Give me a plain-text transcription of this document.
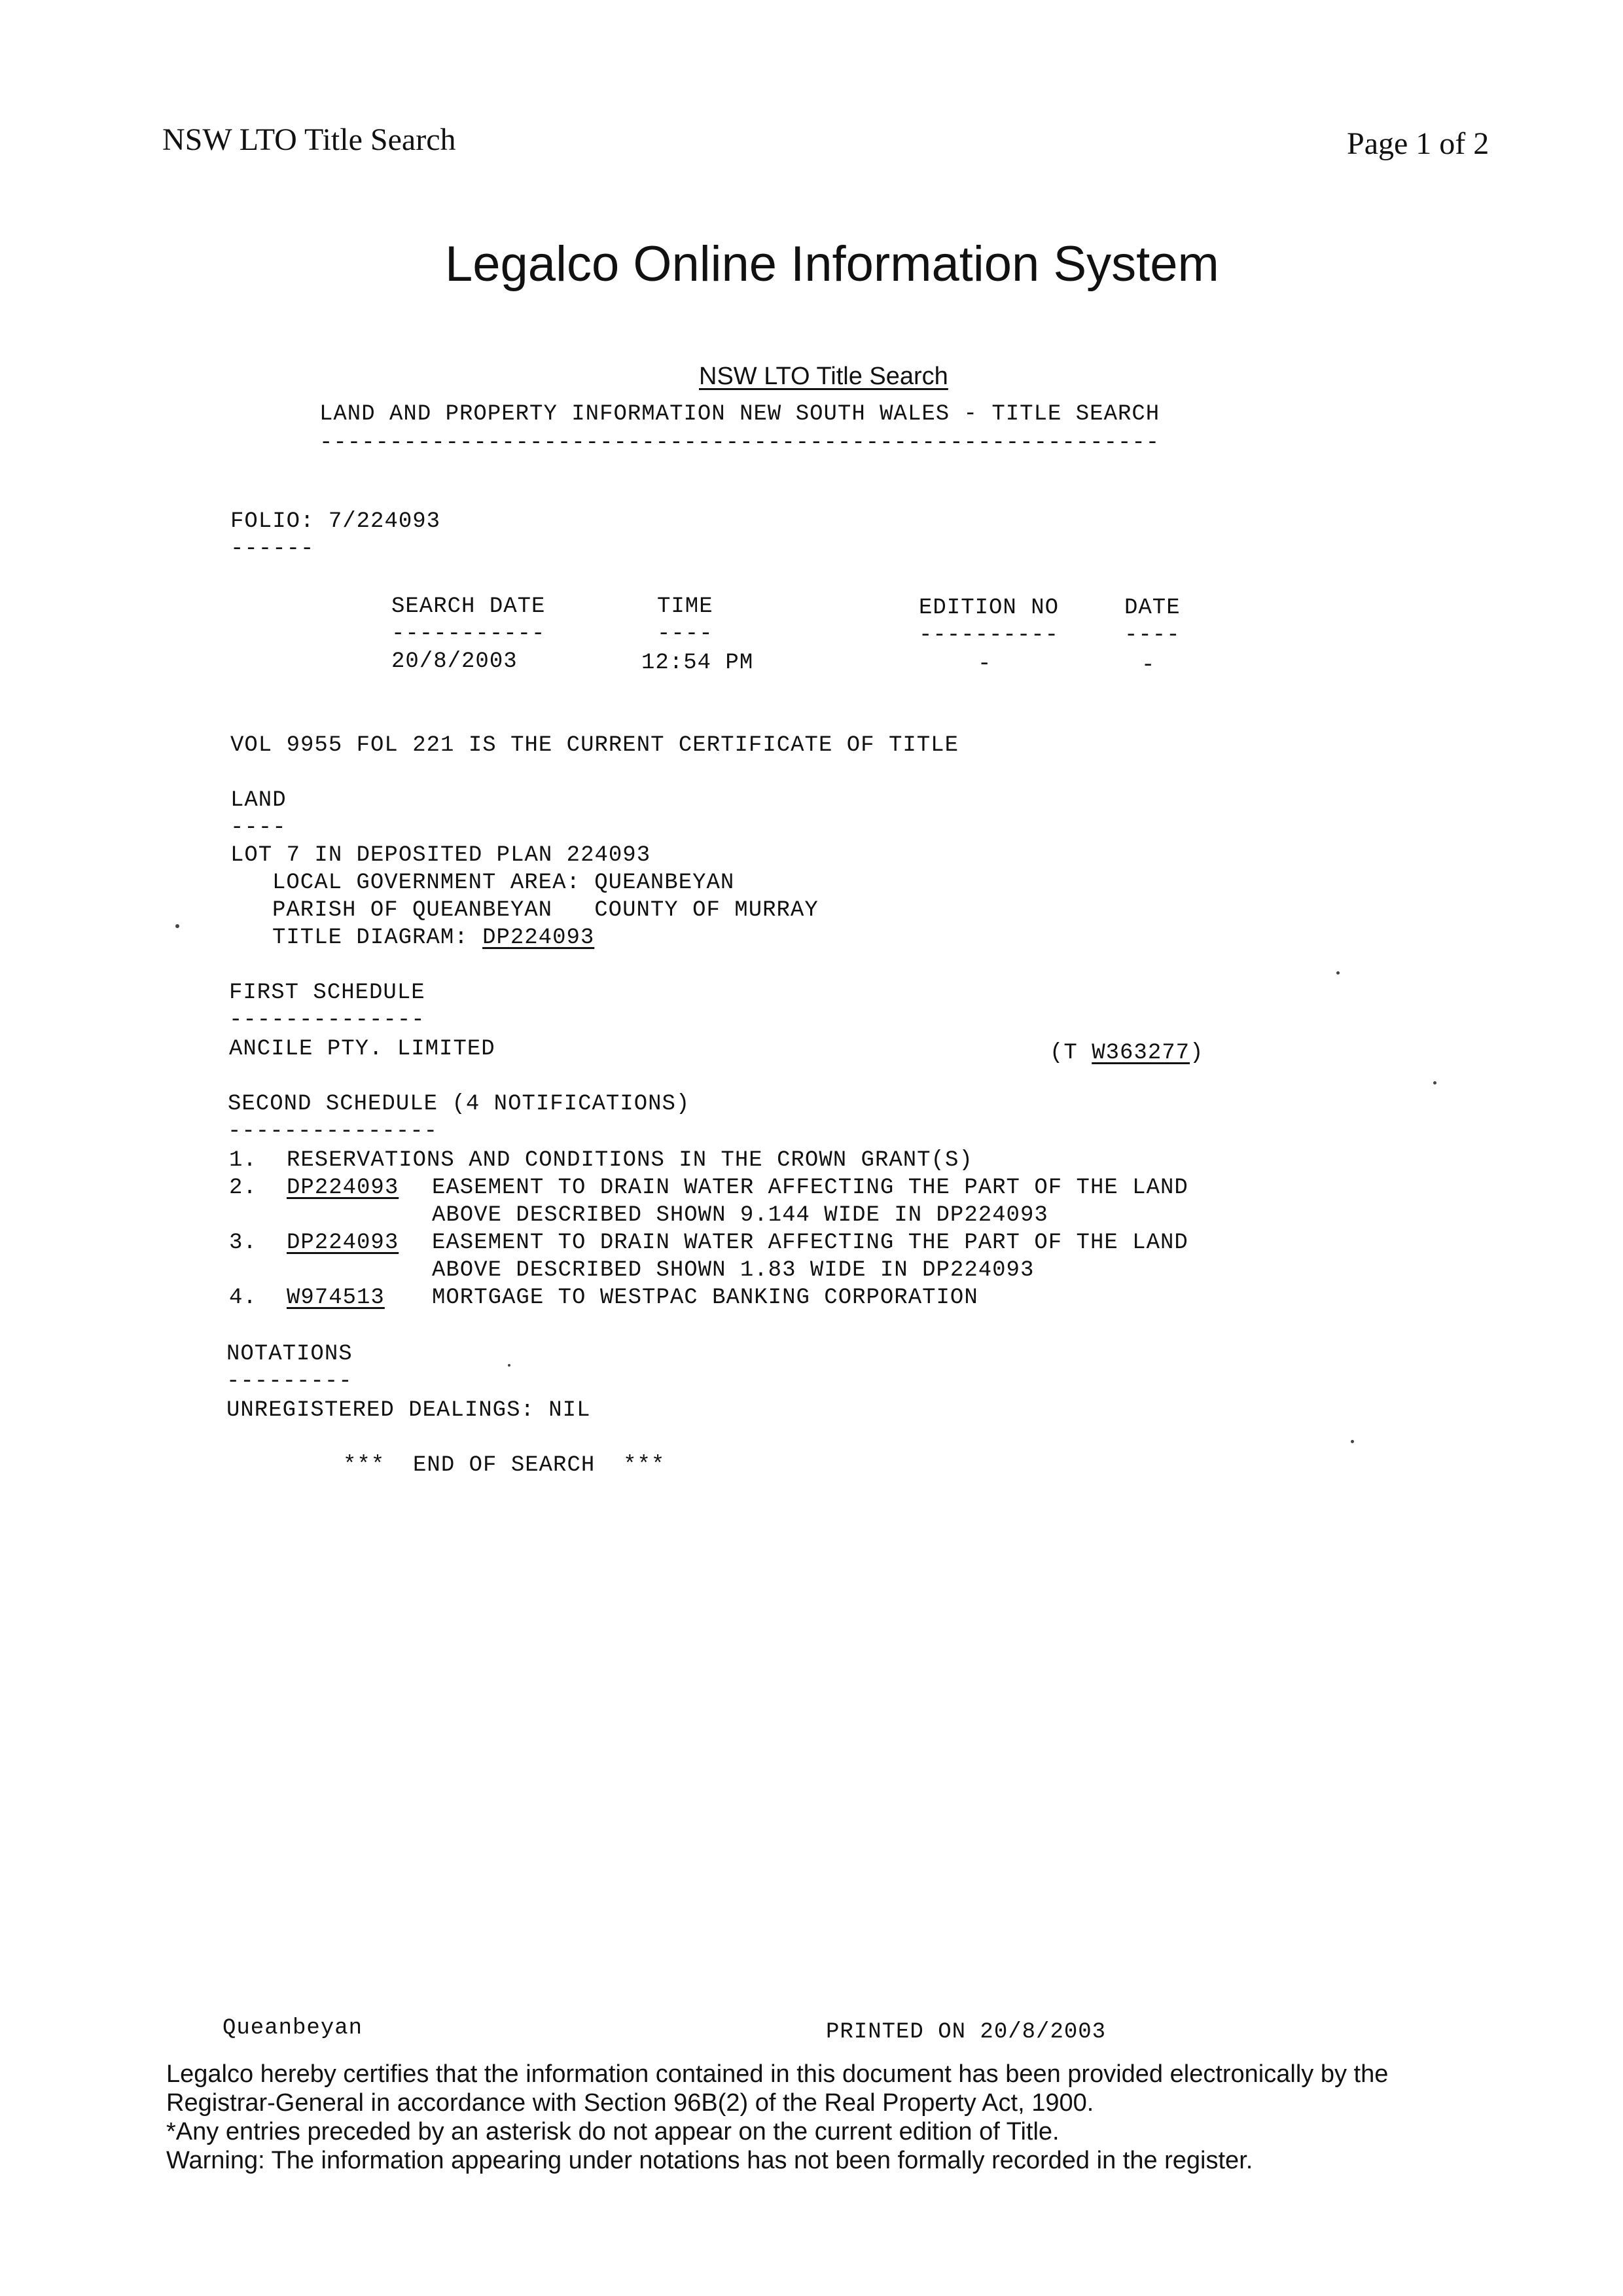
NSW LTO Title Search	Page 1 of 2
Legalco Online Information System
NSW LTO Title Search
LAND AND PROPERTY INFORMATION NEW SOUTH WALES - TITLE SEARCH
------------------------------------------------------------
FOLIO: 7/224093
------
SEARCH DATE	TIME	EDITION NO	DATE
-----------	----	----------	----
20/8/2003	12:54 PM	-	-
VOL 9955 FOL 221 IS THE CURRENT CERTIFICATE OF TITLE
LAND
----
LOT 7 IN DEPOSITED PLAN 224093
LOCAL GOVERNMENT AREA: QUEANBEYAN
PARISH OF QUEANBEYAN   COUNTY OF MURRAY
TITLE DIAGRAM: DP224093
FIRST SCHEDULE
--------------
ANCILE PTY. LIMITED	(T W363277)
SECOND SCHEDULE (4 NOTIFICATIONS)
---------------
1. RESERVATIONS AND CONDITIONS IN THE CROWN GRANT(S)
2. DP224093 EASEMENT TO DRAIN WATER AFFECTING THE PART OF THE LAND
ABOVE DESCRIBED SHOWN 9.144 WIDE IN DP224093
3. DP224093 EASEMENT TO DRAIN WATER AFFECTING THE PART OF THE LAND
ABOVE DESCRIBED SHOWN 1.83 WIDE IN DP224093
4. W974513 MORTGAGE TO WESTPAC BANKING CORPORATION
NOTATIONS
---------
UNREGISTERED DEALINGS: NIL
***  END OF SEARCH  ***
Queanbeyan	PRINTED ON 20/8/2003
Legalco hereby certifies that the information contained in this document has been provided electronically by the Registrar-General in accordance with Section 96B(2) of the Real Property Act, 1900.
*Any entries preceded by an asterisk do not appear on the current edition of Title.
Warning: The information appearing under notations has not been formally recorded in the register.
